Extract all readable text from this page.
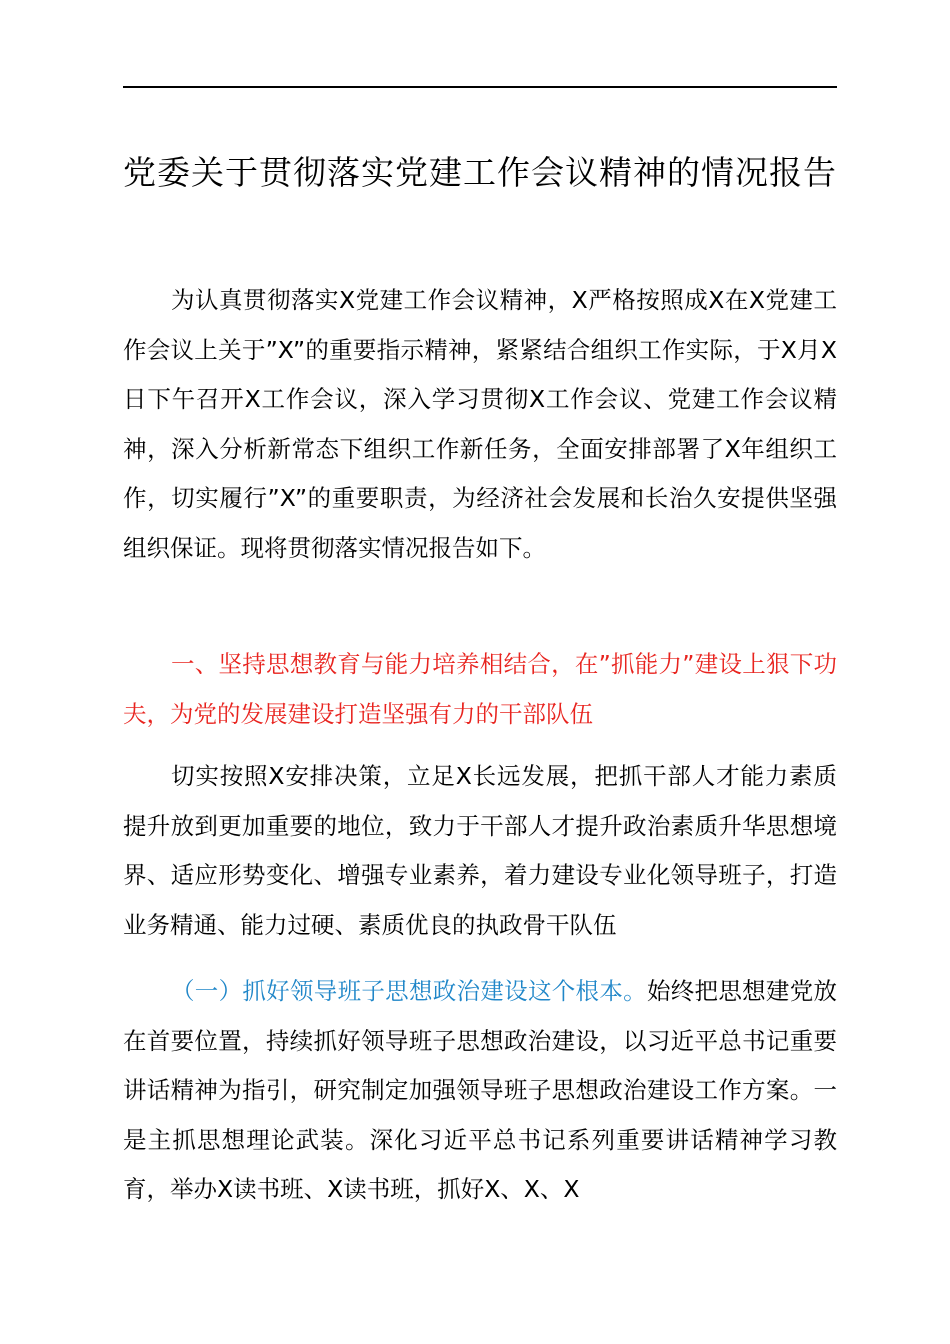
党委关于贯彻落实党建工作会议精神的情况报告

为认真贯彻落实X党建工作会议精神，X严格按照成X在X党建工作会议上关于”X”的重要指示精神，紧紧结合组织工作实际，于X月X日下午召开X工作会议，深入学习贯彻X工作会议、党建工作会议精神，深入分析新常态下组织工作新任务，全面安排部署了X年组织工作，切实履行”X”的重要职责，为经济社会发展和长治久安提供坚强组织保证。现将贯彻落实情况报告如下。

一、坚持思想教育与能力培养相结合，在”抓能力”建设上狠下功夫，为党的发展建设打造坚强有力的干部队伍

切实按照X安排决策，立足X长远发展，把抓干部人才能力素质提升放到更加重要的地位，致力于干部人才提升政治素质升华思想境界、适应形势变化、增强专业素养，着力建设专业化领导班子，打造业务精通、能力过硬、素质优良的执政骨干队伍

（一）抓好领导班子思想政治建设这个根本。始终把思想建党放在首要位置，持续抓好领导班子思想政治建设，以习近平总书记重要讲话精神为指引，研究制定加强领导班子思想政治建设工作方案。一是主抓思想理论武装。深化习近平总书记系列重要讲话精神学习教育，举办X读书班、X读书班，抓好X、X、X
